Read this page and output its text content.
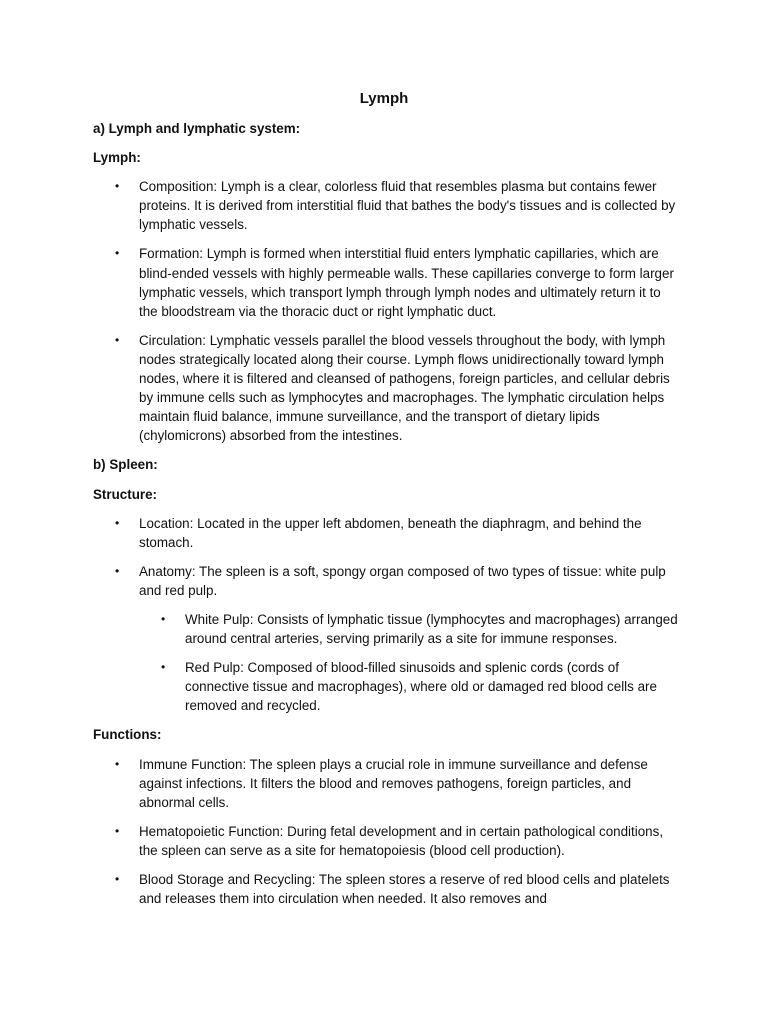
Lymph

a) Lymph and lymphatic system:

Lymph:

• Composition: Lymph is a clear, colorless fluid that resembles plasma but contains fewer proteins. It is derived from interstitial fluid that bathes the body's tissues and is collected by lymphatic vessels.
• Formation: Lymph is formed when interstitial fluid enters lymphatic capillaries, which are blind-ended vessels with highly permeable walls. These capillaries converge to form larger lymphatic vessels, which transport lymph through lymph nodes and ultimately return it to the bloodstream via the thoracic duct or right lymphatic duct.
• Circulation: Lymphatic vessels parallel the blood vessels throughout the body, with lymph nodes strategically located along their course. Lymph flows unidirectionally toward lymph nodes, where it is filtered and cleansed of pathogens, foreign particles, and cellular debris by immune cells such as lymphocytes and macrophages. The lymphatic circulation helps maintain fluid balance, immune surveillance, and the transport of dietary lipids (chylomicrons) absorbed from the intestines.

b) Spleen:

Structure:

• Location: Located in the upper left abdomen, beneath the diaphragm, and behind the stomach.
• Anatomy: The spleen is a soft, spongy organ composed of two types of tissue: white pulp and red pulp.
• White Pulp: Consists of lymphatic tissue (lymphocytes and macrophages) arranged around central arteries, serving primarily as a site for immune responses.
• Red Pulp: Composed of blood-filled sinusoids and splenic cords (cords of connective tissue and macrophages), where old or damaged red blood cells are removed and recycled.

Functions:

• Immune Function: The spleen plays a crucial role in immune surveillance and defense against infections. It filters the blood and removes pathogens, foreign particles, and abnormal cells.
• Hematopoietic Function: During fetal development and in certain pathological conditions, the spleen can serve as a site for hematopoiesis (blood cell production).
• Blood Storage and Recycling: The spleen stores a reserve of red blood cells and platelets and releases them into circulation when needed. It also removes and
